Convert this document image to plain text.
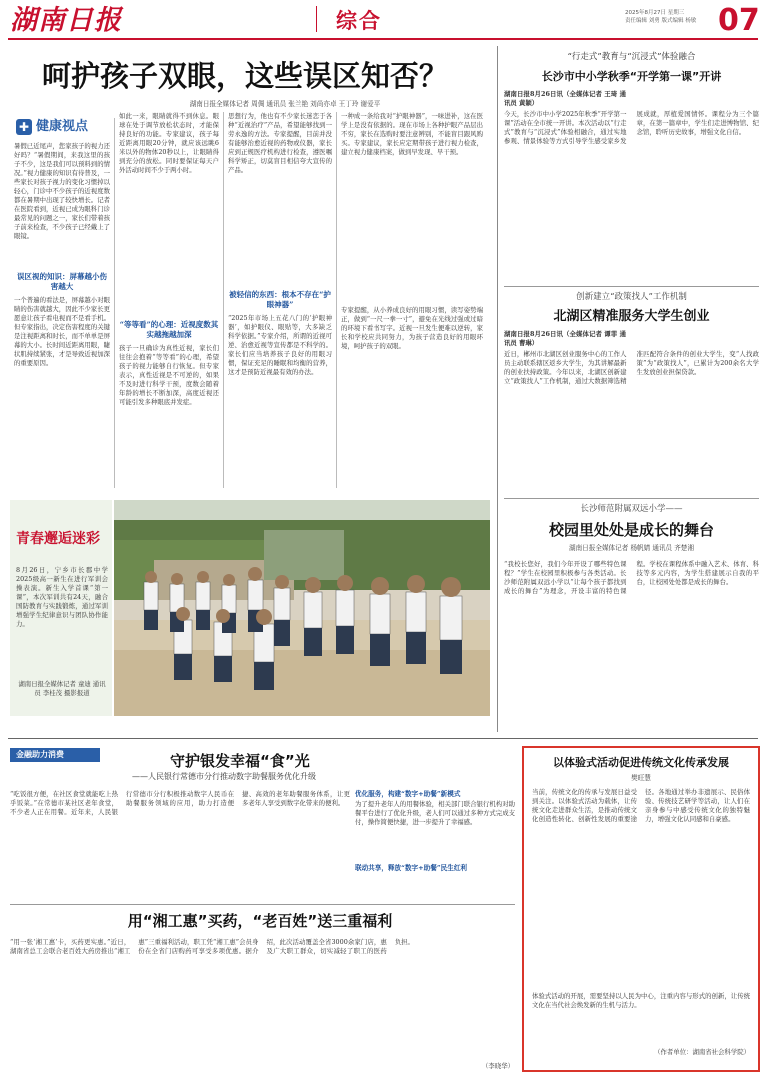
湖南日报	综合	2025年8月27日 星期三
责任编辑 刘勇 版式编辑 杨敏 07
呵护孩子双眼，这些误区知否？
湖南日报全媒体记者 周倜 通讯员 张兰艳 刘尚亦卓 王丁玲 谢爱平
✚ 健康视点
暑假已近尾声，您家孩子的视力还好吗？“暑假期间，来我这里的孩子不少，这是我们可以预料到的情况。”视力健康的知识有待普及，一些家长对孩子视力的变化习惯掉以轻心，门诊中不少孩子的近视度数都在暑期中出现了较快增长。记者在医院看到，近视已成为眼科门诊最常见的问题之一，家长们带着孩子前来检查，不少孩子已经戴上了眼镜。
误区视的知识：屏幕越小伤害越大
一个普遍的看法是，屏幕越小对眼睛的伤害就越大，因此不少家长更愿意让孩子看电视而不是看手机。但专家指出，决定伤害程度的关键是注视距离和时长，而不单单是屏幕的大小。长时间近距离用眼，睫状肌持续紧张，才是导致近视加深的重要原因。
如此一来，眼睛就得不到休息。眼球在处于调节放松状态时，才能保持良好的功能。专家建议，孩子每近距离用眼20分钟，就应该远眺6米以外的物体20秒以上，让眼睛得到充分的放松。同时要保证每天户外活动时间不少于两小时。
“等等看”的心理：近视度数其实越拖越加深
孩子一旦确诊为真性近视，家长们往往会抱着“等等看”的心理，希望孩子的视力能够自行恢复。但专家表示，真性近视是不可逆的，如果不及时进行科学干预，度数会随着年龄的增长不断加深，高度近视还可能引发多种眼底并发症。
思想行为，他也有不少家长迷恋于各种“近视治疗”产品，希望能够找到一劳永逸的方法。专家提醒，目前并没有能够治愈近视的药物或仪器，家长应到正规医疗机构进行检查，遵医嘱科学矫正，切莫盲目相信夸大宣传的产品。
被轻信的东西：根本不存在“护眼神器”
“2025年市场上五花八门的‘护眼神器’，如护眼仪、眼贴等，大多缺乏科学依据。”专家介绍，所谓的近视可逆、治愈近视等宣传都是不科学的。家长们应当培养孩子良好的用眼习惯，保证充足的睡眠和均衡的营养，这才是预防近视最有效的办法。
一种成一条给我对“护眼神器”，一味进补，这在医学上是没有依据的。现在市场上各种护眼产品层出不穷，家长在选购时要注意辨别，不能盲目跟风购买。专家建议，家长应定期带孩子进行视力检查，建立视力健康档案，做到早发现、早干预。
专家提醒，从小养成良好的用眼习惯，读写姿势端正，做到“一尺一拳一寸”，避免在光线过强或过暗的环境下看书写字。近视一旦发生便难以逆转，家长和学校应共同努力，为孩子营造良好的用眼环境，呵护孩子的双眼。
青春邂逅迷彩
8月26日，宁乡市长郡中学2025级高一新生在进行军训会操表演。新生入学首课“第一课”，本次军训共有24天，融合国防教育与实践锻炼，通过军训增强学生纪律意识与团队协作能力。
湖南日报全媒体记者 童迪 通讯员 李桂茂 摄影报道
“行走式”教育与“沉浸式”体验融合
长沙市中小学秋季“开学第一课”开讲
湖南日报8月26日讯（全媒体记者 王琦 通讯员 黄颖）
今天，长沙市中小学2025年秋季“开学第一课”活动在全市统一开讲。本次活动以“行走式”教育与“沉浸式”体验相融合，通过实地参观、情景体验等方式引导学生感受家乡发展成就，厚植爱国情怀。课程分为三个篇章，在第一篇章中，学生们走进博物馆、纪念馆，聆听历史故事，增强文化自信。
创新建立“政策找人”工作机制
北湖区精准服务大学生创业
湖南日报8月26日讯（全媒体记者 谭菲 通讯员 曹琳）
近日，郴州市北湖区创业服务中心的工作人员主动联系辖区返乡大学生，为其讲解最新的创业扶持政策。今年以来，北湖区创新建立“政策找人”工作机制，通过大数据筛选精准匹配符合条件的创业大学生，变“人找政策”为“政策找人”，已累计为200余名大学生发放创业担保贷款。
长沙师范附属双远小学——
校园里处处是成长的舞台
湖南日报全媒体记者 杨帆婧 通讯员 齐楚湘
“我校长您好，我们今年开设了哪些特色课程？”学生在校园里积极参与各类活动。长沙师范附属双远小学以“让每个孩子都找到成长的舞台”为理念，开设丰富的特色课程。学校在课程体系中融入艺术、体育、科技等多元内容，为学生搭建展示自我的平台，让校园处处都是成长的舞台。
金融助力消费	守护银发幸福“食”光
——人民银行常德市分行推动数字助餐服务优化升级
“吃饭很方便，在社区食堂就能吃上热乎饭菜。”在常德市某社区老年食堂，不少老人正在用餐。近年来，人民银行常德市分行积极推动数字人民币在助餐服务领域的应用，助力打造便捷、高效的老年助餐服务体系，让更多老年人享受到数字化带来的便利。
优化服务，构建“数字+助餐”新模式
为了提升老年人的用餐体验，相关部门联合银行机构对助餐平台进行了优化升级，老人们可以通过多种方式完成支付，操作简便快捷，进一步提升了幸福感。
联动共享，释放“数字+助餐”民生红利
以体验式活动促进传统文化传承发展
樊旺慧
当前，传统文化的传承与发展日益受到关注。以体验式活动为载体，让传统文化走进群众生活，是推动传统文化创造性转化、创新性发展的重要途径。各地通过举办非遗展示、民俗体验、传统技艺研学等活动，让人们在亲身参与中感受传统文化的独特魅力，增强文化认同感和自豪感。
体验式活动的开展，需要坚持以人民为中心，注重内容与形式的创新，让传统文化在当代社会焕发新的生机与活力。
（作者单位：湖南省社会科学院）
用“湘工惠”买药，“老百姓”送三重福利
“用一张‘湘工惠’卡，买药更实惠。”近日，湖南省总工会联合老百姓大药房推出“湘工惠”三重福利活动，职工凭“湘工惠”会员身份在全省门店购药可享受多项优惠。据介绍，此次活动覆盖全省3000余家门店，惠及广大职工群众，切实减轻了职工的医药负担。
（李晓华）
